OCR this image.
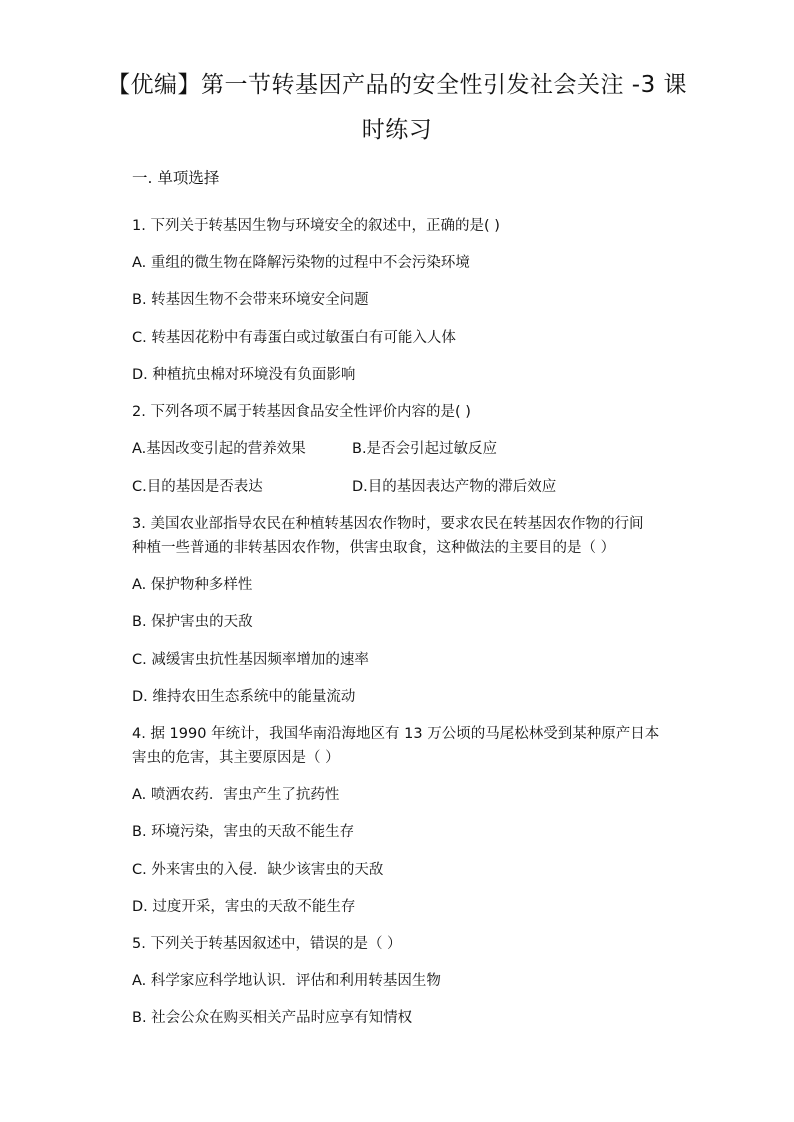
【优编】第一节转基因产品的安全性引发社会关注 -3 课
时练习
一. 单项选择
1. 下列关于转基因生物与环境安全的叙述中，正确的是( )
A. 重组的微生物在降解污染物的过程中不会污染环境
B. 转基因生物不会带来环境安全问题
C. 转基因花粉中有毒蛋白或过敏蛋白有可能入人体
D. 种植抗虫棉对环境没有负面影响
2. 下列各项不属于转基因食品安全性评价内容的是( )
A.基因改变引起的营养效果	B.是否会引起过敏反应
C.目的基因是否表达	D.目的基因表达产物的滞后效应
3. 美国农业部指导农民在种植转基因农作物时，要求农民在转基因农作物的行间
种植一些普通的非转基因农作物，供害虫取食，这种做法的主要目的是（ ）
A. 保护物种多样性
B. 保护害虫的天敌
C. 减缓害虫抗性基因频率增加的速率
D. 维持农田生态系统中的能量流动
4. 据 1990 年统计，我国华南沿海地区有 13 万公顷的马尾松林受到某种原产日本
害虫的危害，其主要原因是（ ）
A. 喷洒农药．害虫产生了抗药性
B. 环境污染，害虫的天敌不能生存
C. 外来害虫的入侵．缺少该害虫的天敌
D. 过度开采，害虫的天敌不能生存
5. 下列关于转基因叙述中，错误的是（ ）
A. 科学家应科学地认识．评估和利用转基因生物
B. 社会公众在购买相关产品时应享有知情权
